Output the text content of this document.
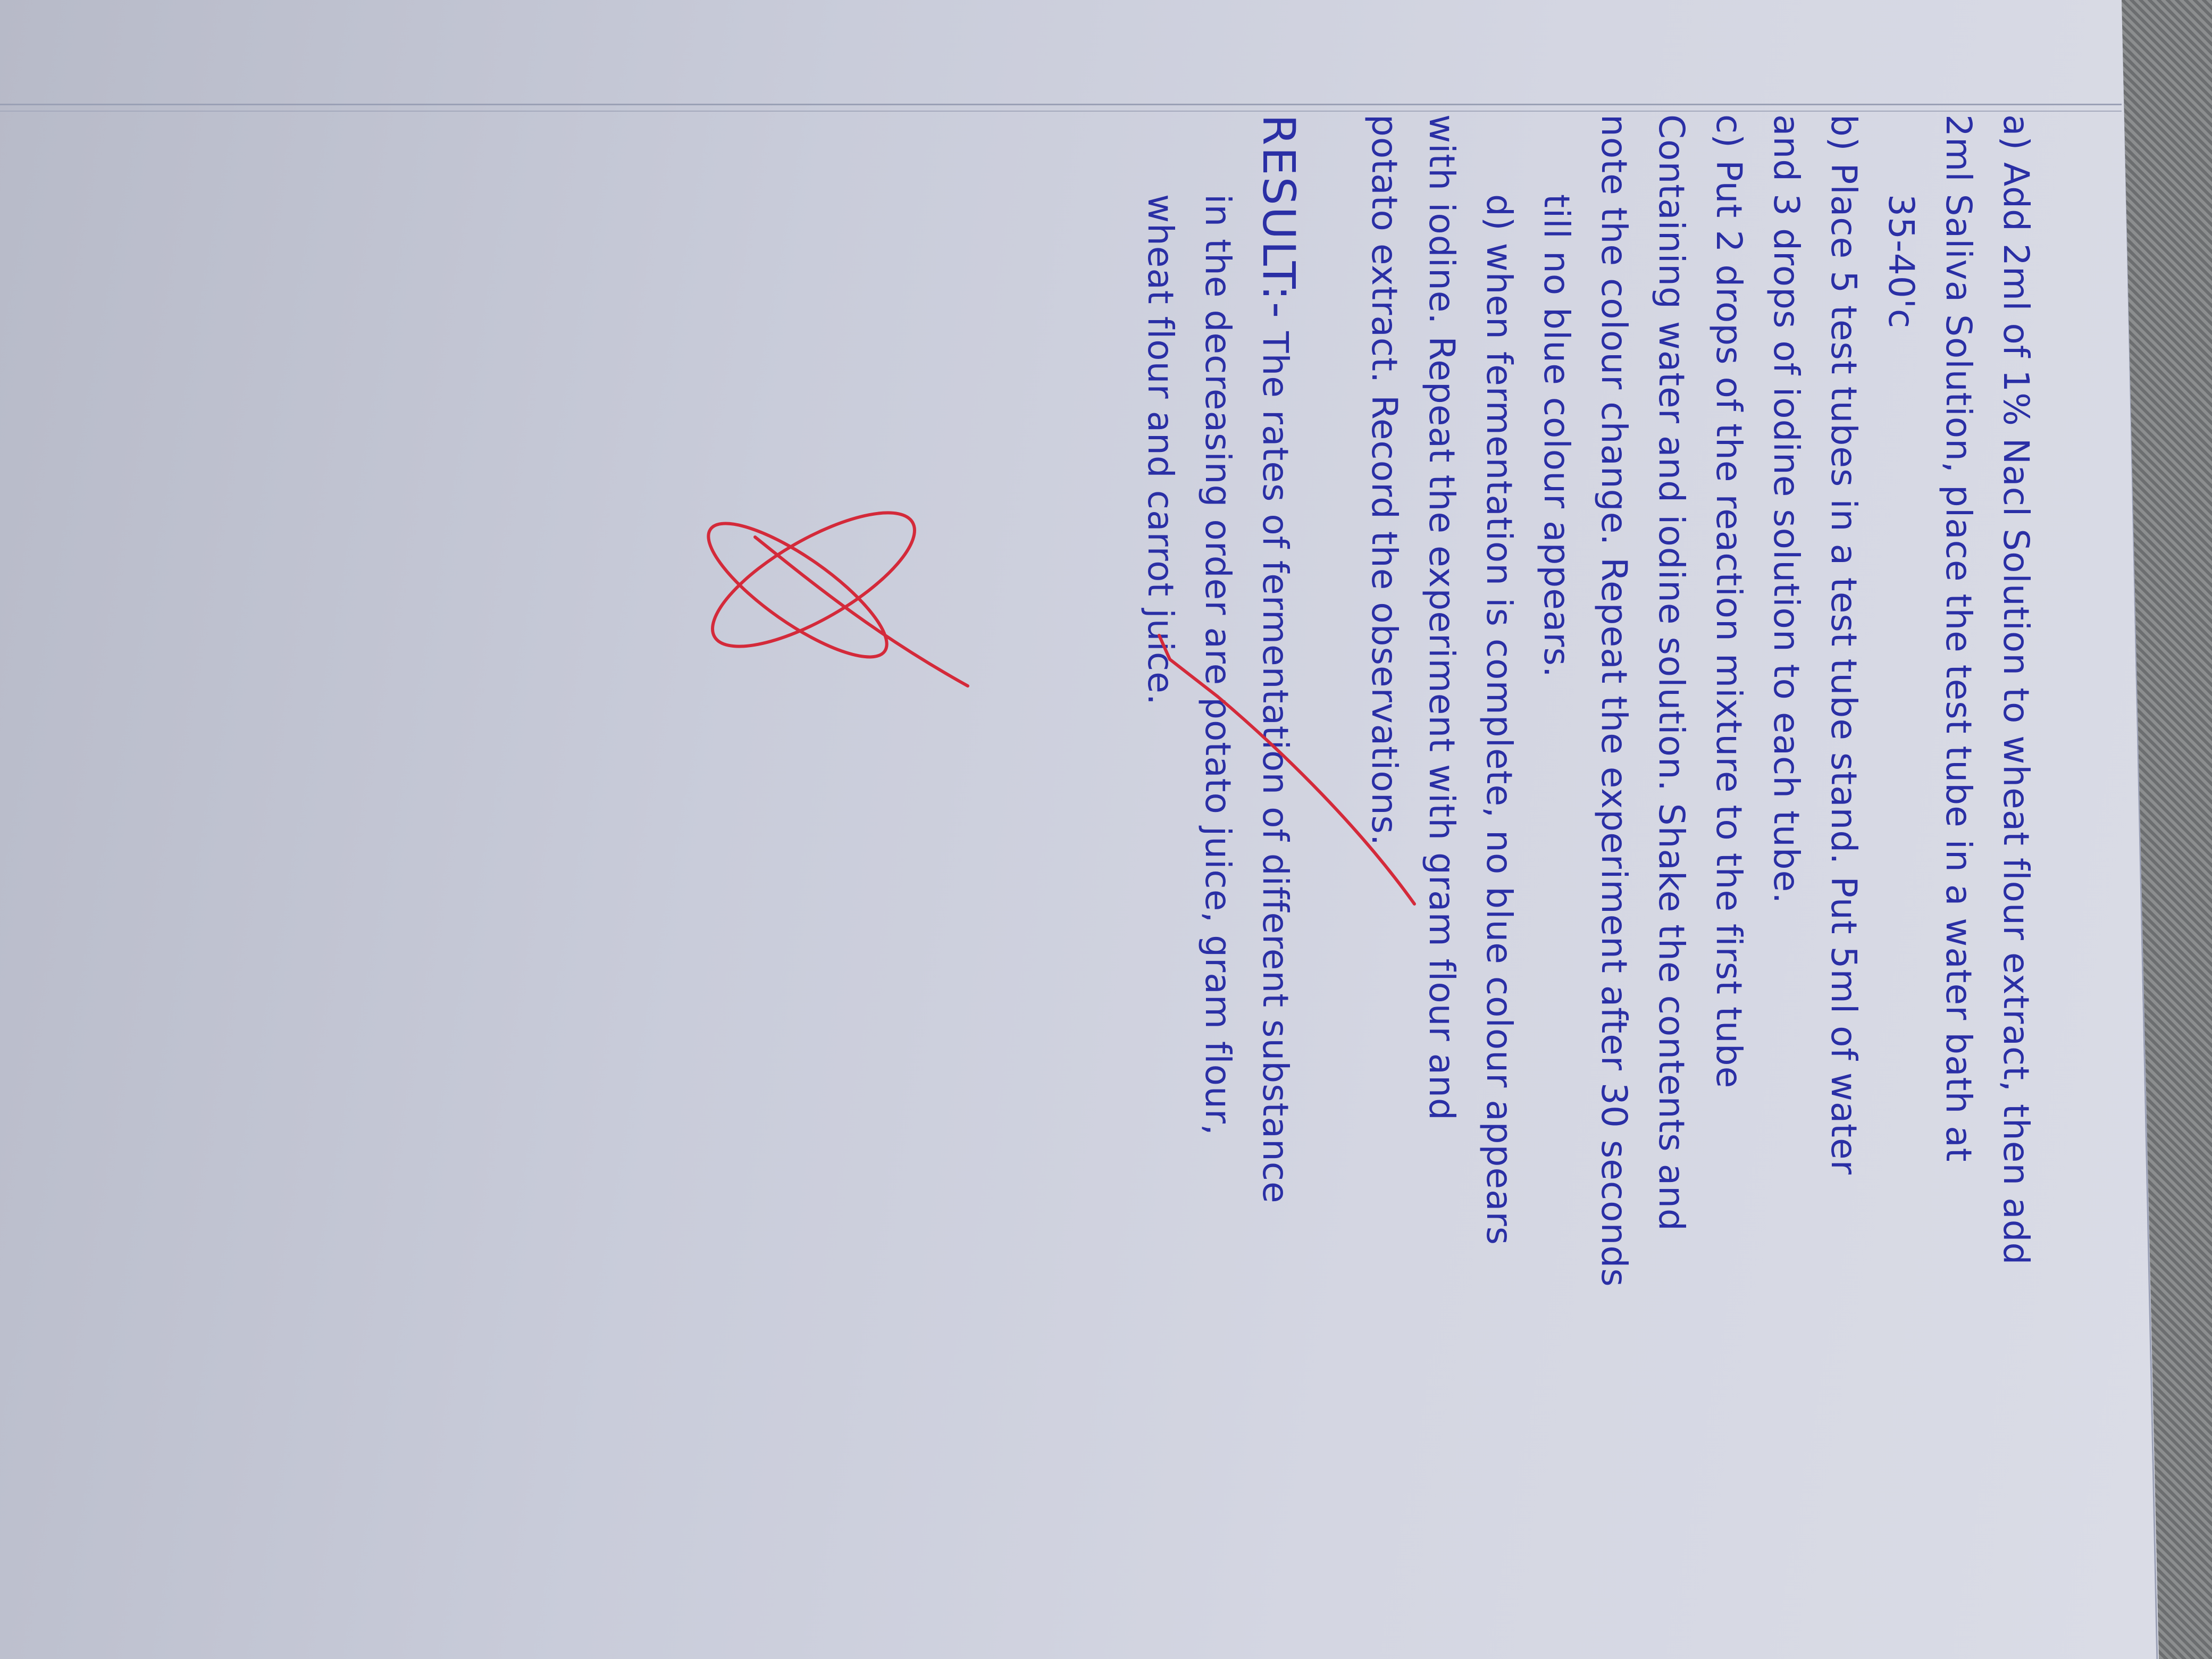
a) Add 2ml of 1% Nacl Solution to wheat flour extract, then add
2ml Saliva Solution, place the test tube in a water bath at
35-40'c
b) Place 5 test tubes in a test tube stand. Put 5ml of water
and 3 drops of iodine solution to each tube.
c) Put 2 drops of the reaction mixture to the first tube
Containing water and iodine solution. Shake the contents and
note the colour change. Repeat the experiment after 30 seconds
till no blue colour appears.
d) when fermentation is complete, no blue colour appears
with iodine. Repeat the experiment with gram flour and
potato extract. Record the observations.
RESULT:- The rates of fermentation of different substance
in the decreasing order are potato juice, gram flour,
wheat flour and carrot juice.
